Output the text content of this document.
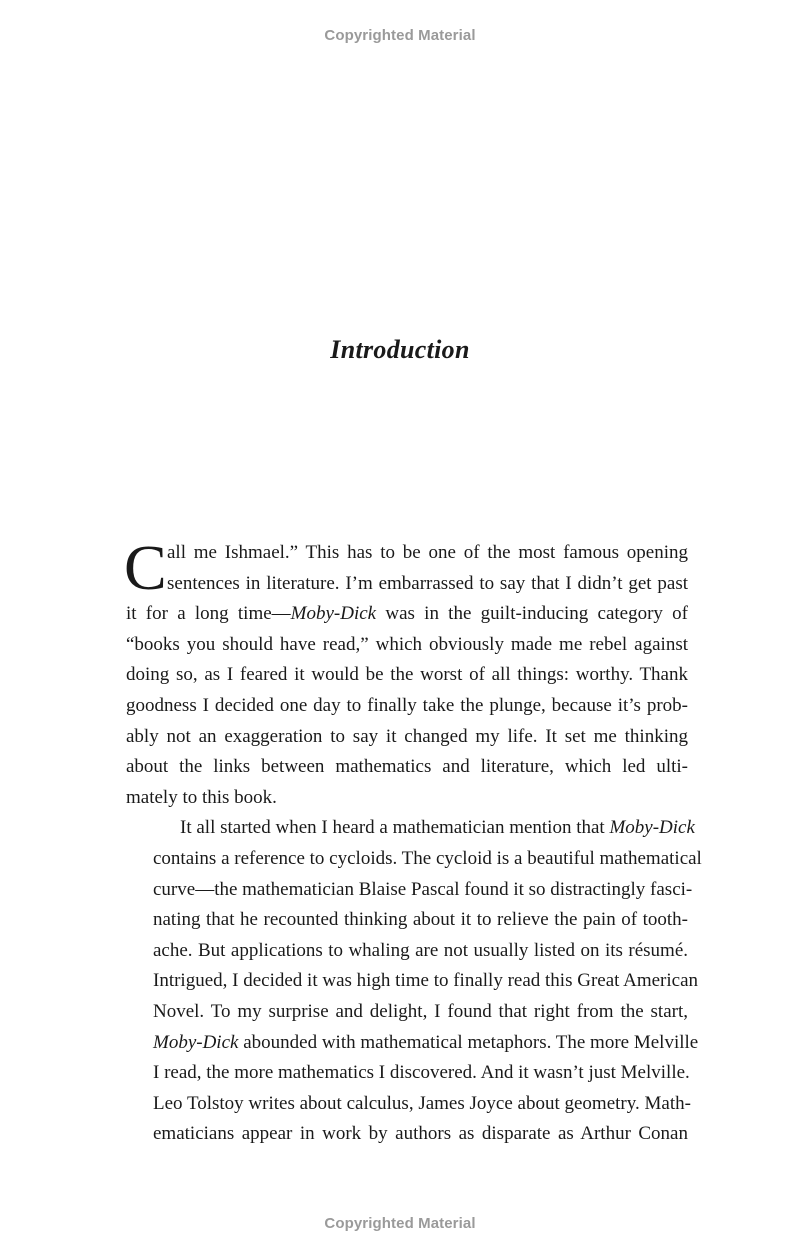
Copyrighted Material
Introduction

C all me Ishmael.” This has to be one of the most famous opening
sentences in literature. I’m embarrassed to say that I didn’t get past
it for a long time—Moby-Dick was in the guilt-inducing category of
“books you should have read,” which obviously made me rebel against
doing so, as I feared it would be the worst of all things: worthy. Thank
goodness I decided one day to finally take the plunge, because it’s prob-
ably not an exaggeration to say it changed my life. It set me thinking
about the links between mathematics and literature, which led ulti-
mately to this book.

It all started when I heard a mathematician mention that Moby-Dick
contains a reference to cycloids. The cycloid is a beautiful mathematical
curve—the mathematician Blaise Pascal found it so distractingly fasci-
nating that he recounted thinking about it to relieve the pain of tooth-
ache. But applications to whaling are not usually listed on its résumé.
Intrigued, I decided it was high time to finally read this Great American
Novel. To my surprise and delight, I found that right from the start,
Moby-Dick abounded with mathematical metaphors. The more Melville
I read, the more mathematics I discovered. And it wasn’t just Melville.
Leo Tolstoy writes about calculus, James Joyce about geometry. Math-
ematicians appear in work by authors as disparate as Arthur Conan

Copyrighted Material
